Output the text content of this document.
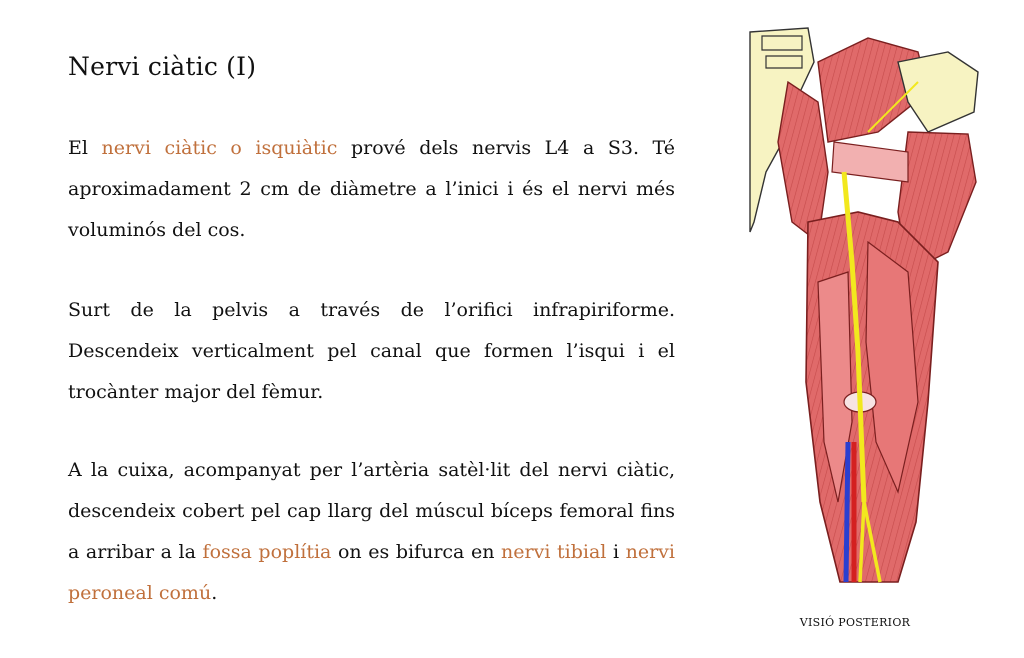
Nervi ciàtic (I)

El nervi ciàtic o isquiàtic prové dels nervis L4 a S3. Té aproximadament 2 cm de diàmetre a l’inici i és el nervi més voluminós del cos.

Surt de la pelvis a través de l’orifici infrapiriforme. Descendeix verticalment pel canal que formen l’isqui i el trocànter major del fèmur.

A la cuixa, acompanyat per l’artèria satèl·lit del nervi ciàtic, descendeix cobert pel cap llarg del múscul bíceps femoral fins a arribar a la fossa poplítia on es bifurca en nervi tibial i nervi peroneal comú.

VISIÓ POSTERIOR
